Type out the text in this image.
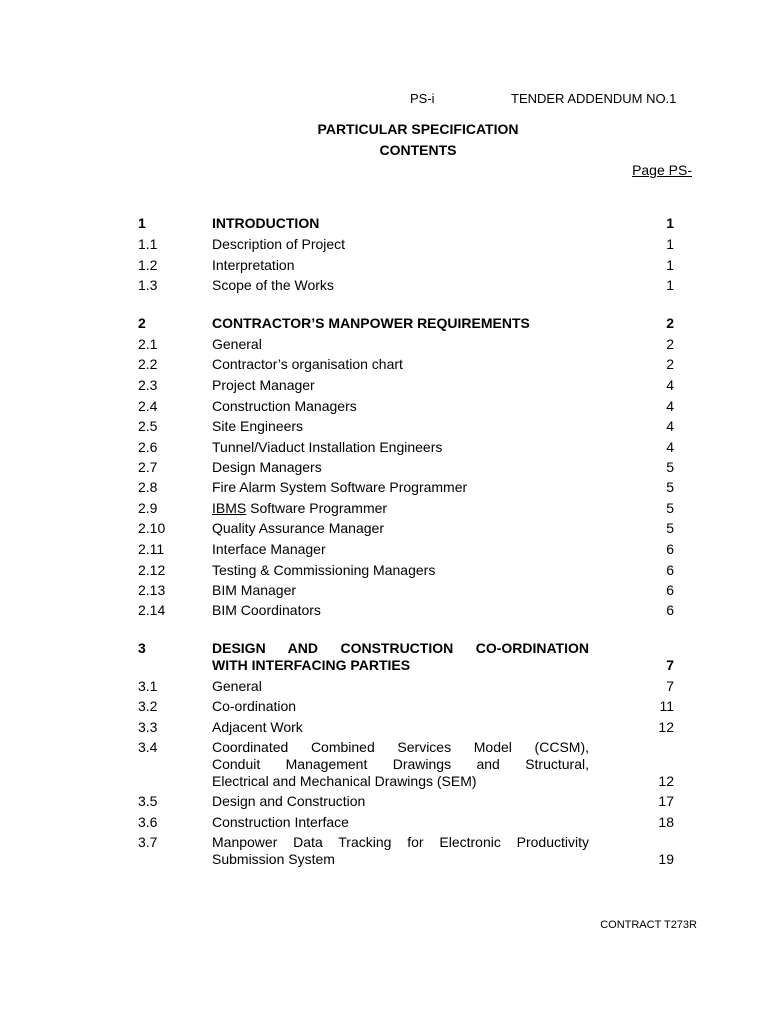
PS-i	TENDER ADDENDUM NO.1
PARTICULAR SPECIFICATION
CONTENTS
Page PS-
1	INTRODUCTION	1
1.1	Description of Project	1
1.2	Interpretation	1
1.3	Scope of the Works	1
2	CONTRACTOR’S MANPOWER REQUIREMENTS	2
2.1	General	2
2.2	Contractor’s organisation chart	2
2.3	Project Manager	4
2.4	Construction Managers	4
2.5	Site Engineers	4
2.6	Tunnel/Viaduct Installation Engineers	4
2.7	Design Managers	5
2.8	Fire Alarm System Software Programmer	5
2.9	IBMS Software Programmer	5
2.10	Quality Assurance Manager	5
2.11	Interface Manager	6
2.12	Testing & Commissioning Managers	6
2.13	BIM Manager	6
2.14	BIM Coordinators	6
3	DESIGN AND CONSTRUCTION CO-ORDINATION
WITH INTERFACING PARTIES	7
3.1	General	7
3.2	Co-ordination	11
3.3	Adjacent Work	12
3.4	Coordinated Combined Services Model (CCSM),
Conduit Management Drawings and Structural,
Electrical and Mechanical Drawings (SEM)	12
3.5	Design and Construction	17
3.6	Construction Interface	18
3.7	Manpower Data Tracking for Electronic Productivity
Submission System	19
CONTRACT T273R
